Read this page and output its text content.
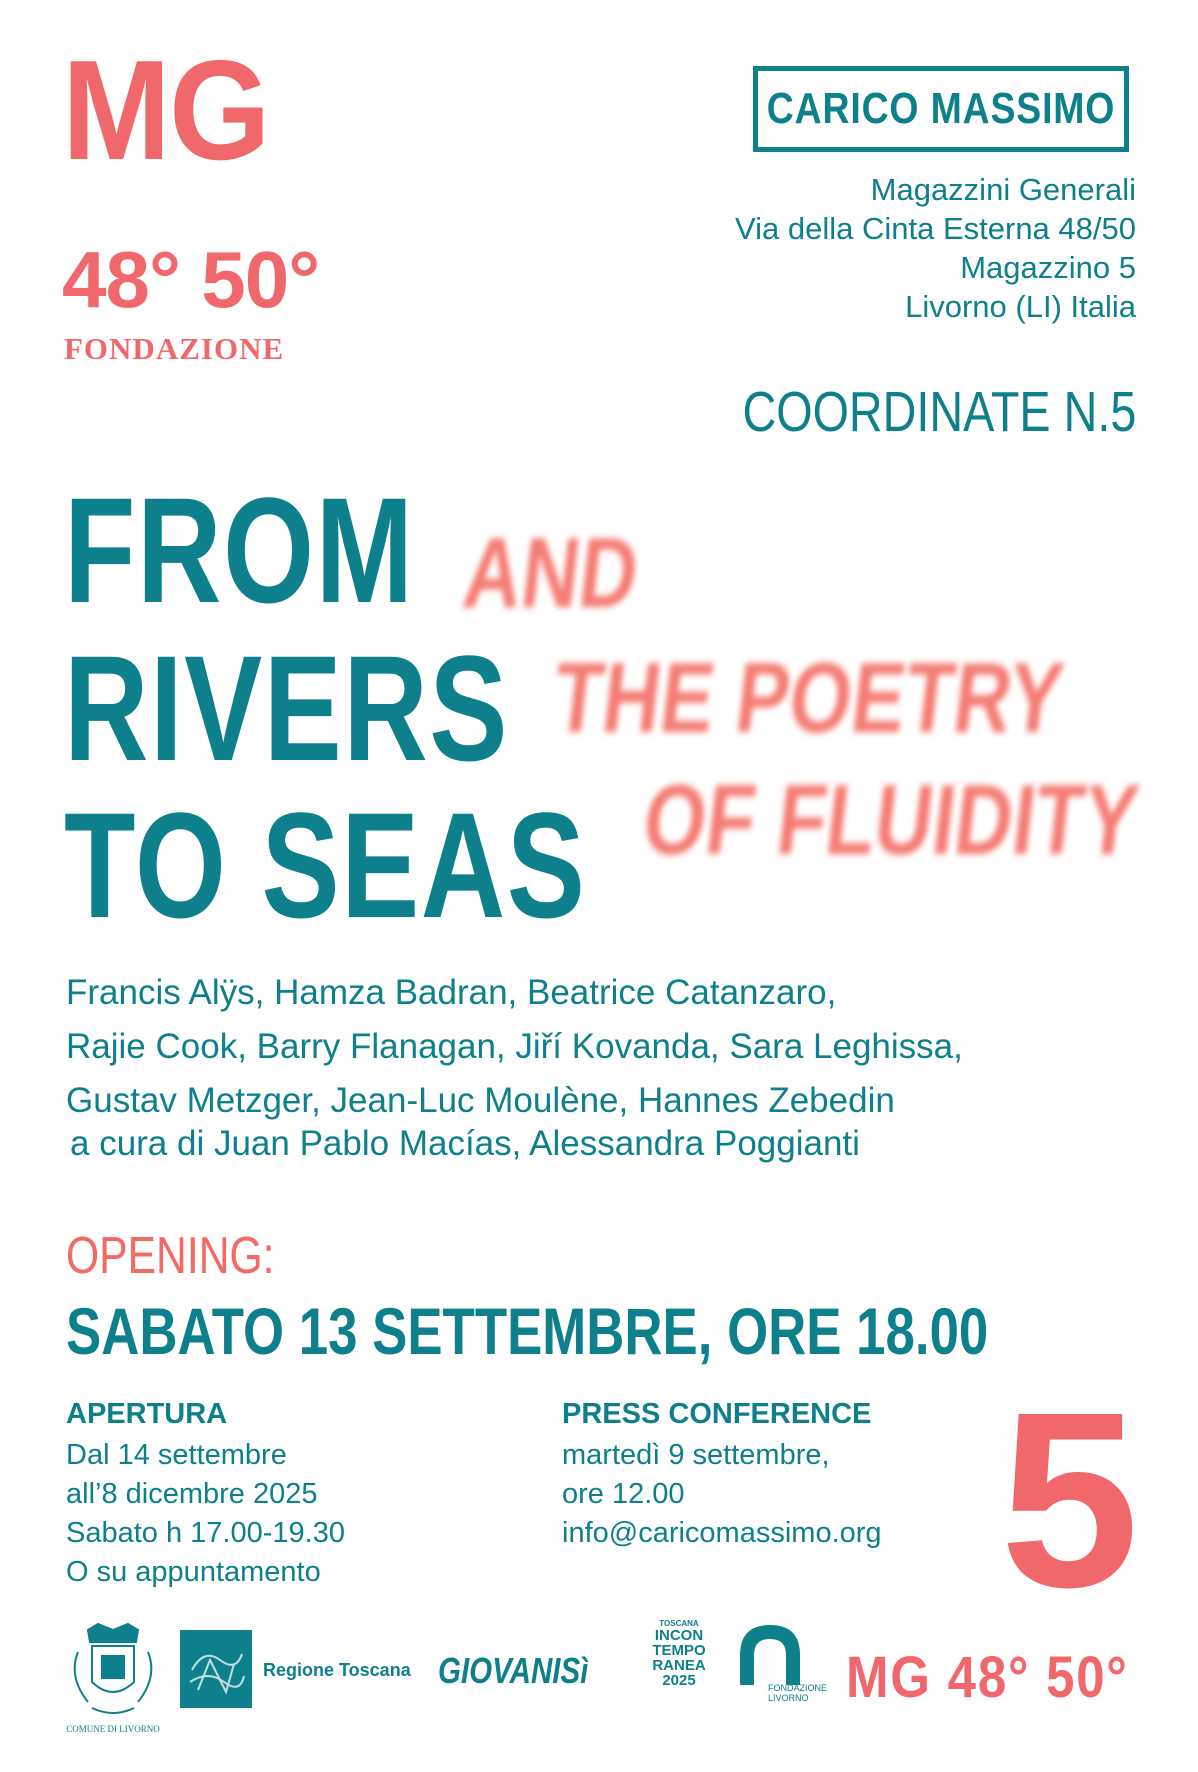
MG
48° 50°
FONDAZIONE
CARICO MASSIMO
Magazzini Generali
Via della Cinta Esterna 48/50
Magazzino 5
Livorno (LI) Italia
COORDINATE N.5
AND
THE POETRY
OF FLUIDITY
FROM
RIVERS
TO SEAS
Francis Alÿs, Hamza Badran, Beatrice Catanzaro,
Rajie Cook, Barry Flanagan, Jiří Kovanda, Sara Leghissa,
Gustav Metzger, Jean-Luc Moulène, Hannes Zebedin
a cura di Juan Pablo Macías, Alessandra Poggianti
OPENING:
SABATO 13 SETTEMBRE, ORE 18.00
APERTURA
Dal 14 settembre
all’8 dicembre 2025
Sabato h 17.00-19.30
O su appuntamento
PRESS CONFERENCE
martedì 9 settembre,
ore 12.00
info@caricomassimo.org 5
COMUNE DI LIVORNO
Regione Toscana GIOVANISì
TOSCANA
INCON
TEMPO
RANEA
2025	FONDAZIONE
LIVORNO MG 48° 50°
